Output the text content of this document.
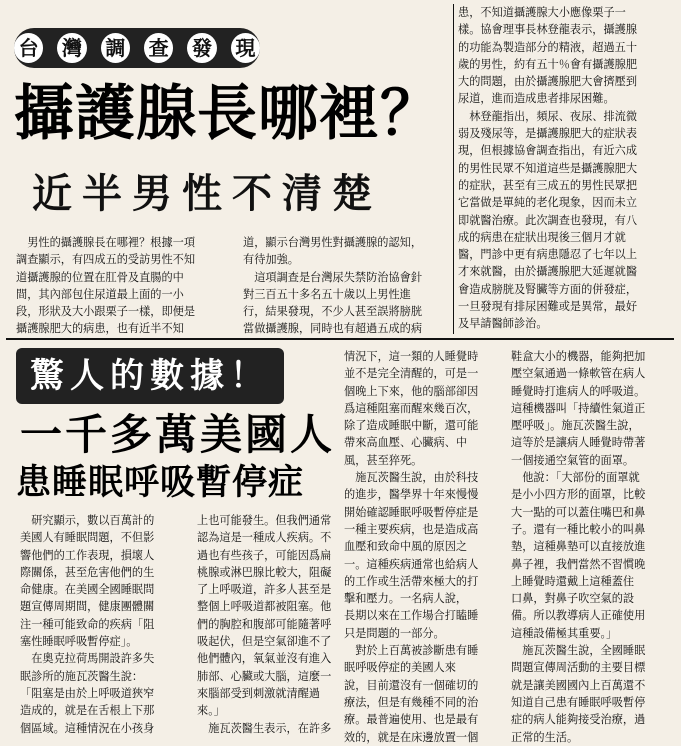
台 灣 調 查 發 現
攝護腺長哪裡？
近半男性不清楚
　男性的攝護腺長在哪裡？根據一項
調查顯示，有四成五的受訪男性不知
道攝護腺的位置在肛骨及直腸的中
間，其內部包住尿道最上面的一小
段，形狀及大小跟栗子一樣，即便是
攝護腺肥大的病患，也有近半不知
道，顯示台灣男性對攝護腺的認知，
有待加強。
　這項調查是台灣尿失禁防治協會針
對三百五十多名五十歲以上男性進
行，結果發現，不少人甚至誤將膀胱
當做攝護腺，同時也有超過五成的病
患，不知道攝護腺大小應像栗子一
樣。協會理事長林登龍表示，攝護腺
的功能為製造部分的精液，超過五十
歲的男性，約有五十％會有攝護腺肥
大的問題，由於攝護腺肥大會擠壓到
尿道，進而造成患者排尿困難。
　林登龍指出，頻尿、夜尿、排流微
弱及殘尿等，是攝護腺肥大的症狀表
現，但根據協會調查指出，有近六成
的男性民眾不知道這些是攝護腺肥大
的症狀，甚至有三成五的男性民眾把
它當做是單純的老化現象，因而未立
即就醫治療。此次調查也發現，有八
成的病患在症狀出現後三個月才就
醫，門診中更有病患隱忍了七年以上
才來就醫，由於攝護腺肥大延遲就醫
會造成膀胱及腎臟等方面的併發症，
一旦發現有排尿困難或是異常，最好
及早請醫師診治。
驚人的數據！
一千多萬美國人
患睡眠呼吸暫停症
　研究顯示，數以百萬計的
美國人有睡眠問題，不但影
響他們的工作表現，損壞人
際關係，甚至危害他們的生
命健康。在美國全國睡眠問
題宣傳周期間，健康團體關
注一種可能致命的疾病「阻
塞性睡眠呼吸暫停症」。
　在奧克拉荷馬開設許多失
眠診所的施瓦茨醫生說：
「阻塞是由於上呼吸道狹窄
造成的，就是在舌根上下那
個區域。這種情況在小孩身
上也可能發生。但我們通常
認為這是一種成人疾病。不
過也有些孩子，可能因爲扁
桃腺或淋巴腺比較大，阻礙
了上呼吸道，許多人甚至是
整個上呼吸道都被阻塞。他
們的胸腔和腹部可能隨著呼
吸起伏，但是空氣卻進不了
他們體內，氧氣並沒有進入
肺部、心臟或大腦，這麼一
來腦部受到刺激就清醒過
來。」
　施瓦茨醫生表示，在許多
情況下，這一類的人睡覺時
並不是完全清醒的，可是一
個晚上下來，他的腦部卻因
爲這種阻塞而醒來幾百次，
除了造成睡眠中斷，還可能
帶來高血壓、心臟病、中
風，甚至猝死。
　施瓦茨醫生說，由於科技
的進步，醫學界十年來慢慢
開始確認睡眠呼吸暫停症是
一種主要疾病，也是造成高
血壓和致命中風的原因之
一。這種疾病通常也給病人
的工作或生活帶來極大的打
擊和壓力。一名病人說，
長期以來在工作場合打瞌睡
只是問題的一部分。
　對於上百萬被診斷患有睡
眠呼吸停症的美國人來
說，目前還沒有一個確切的
療法，但是有幾種不同的治
療。最普遍使用、也是最有
效的，就是在床邊放置一個
鞋盒大小的機器，能夠把加
壓空氣通過一條軟管在病人
睡覺時打進病人的呼吸道。
這種機器叫「持續性氣道正
壓呼吸」。施瓦茨醫生說，
這等於是讓病人睡覺時帶著
一個接通空氣管的面罩。
　他說：「大部份的面罩就
是小小四方形的面罩，比較
大一點的可以蓋住嘴巴和鼻
子。還有一種比較小的叫鼻
墊，這種鼻墊可以直接放進
鼻子裡，我們當然不習慣晚
上睡覺時還戴上這種蓋住
口鼻，對鼻子吹空氣的設
備。所以教導病人正確使用
這種設備極其重要。」
　施瓦茨醫生說，全國睡眠
問題宣傳周活動的主要目標
就是讓美國國內上百萬還不
知道自己患有睡眠呼吸暫停
症的病人能夠接受治療，過
正常的生活。
